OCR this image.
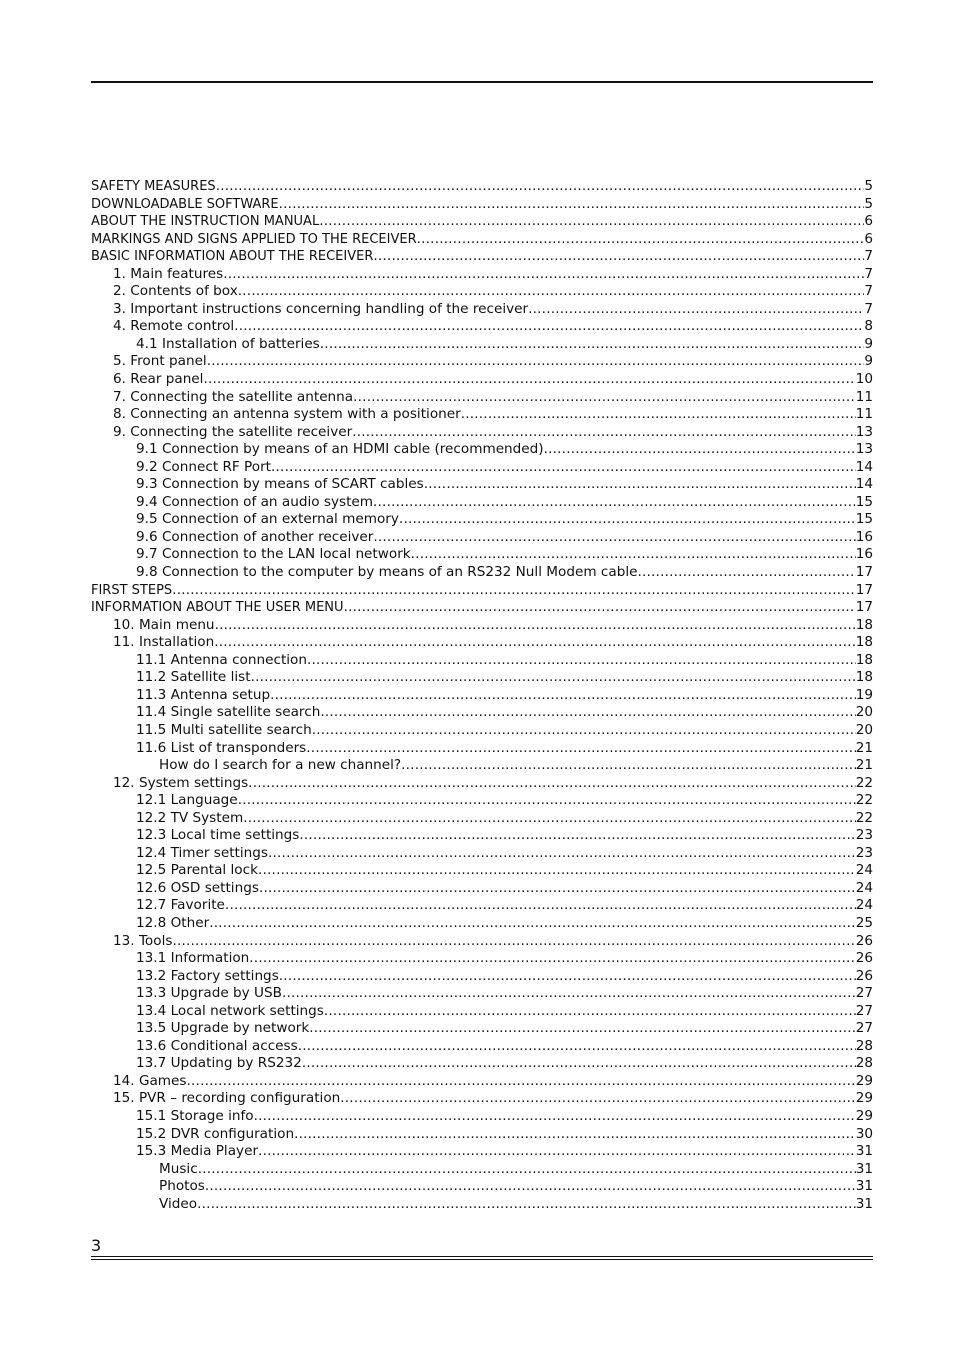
SAFETY MEASURES .....	5
DOWNLOADABLE SOFTWARE .....	5
ABOUT THE INSTRUCTION MANUAL .....	6
MARKINGS AND SIGNS APPLIED TO THE RECEIVER .....	6
BASIC INFORMATION ABOUT THE RECEIVER .....	7
1. Main features .....	7
2. Contents of box .....	7
3. Important instructions concerning handling of the receiver .....	7
4. Remote control .....	8
4.1 Installation of batteries .....	9
5. Front panel .....	9
6. Rear panel .....	10
7. Connecting the satellite antenna .....	11
8. Connecting an antenna system with a positioner .....	11
9. Connecting the satellite receiver .....	13
9.1 Connection by means of an HDMI cable (recommended) .....	13
9.2 Connect RF Port .....	14
9.3 Connection by means of SCART cables .....	14
9.4 Connection of an audio system .....	15
9.5 Connection of an external memory .....	15
9.6 Connection of another receiver .....	16
9.7 Connection to the LAN local network .....	16
9.8 Connection to the computer by means of an RS232 Null Modem cable .....	17
FIRST STEPS .....	17
INFORMATION ABOUT THE USER MENU .....	17
10. Main menu .....	18
11. Installation .....	18
11.1 Antenna connection .....	18
11.2 Satellite list .....	18
11.3 Antenna setup .....	19
11.4 Single satellite search .....	20
11.5 Multi satellite search .....	20
11.6 List of transponders .....	21
How do I search for a new channel? .....	21
12. System settings .....	22
12.1 Language .....	22
12.2 TV System .....	22
12.3 Local time settings .....	23
12.4 Timer settings .....	23
12.5 Parental lock .....	24
12.6 OSD settings .....	24
12.7 Favorite .....	24
12.8 Other .....	25
13. Tools .....	26
13.1 Information .....	26
13.2 Factory settings .....	26
13.3 Upgrade by USB .....	27
13.4 Local network settings .....	27
13.5 Upgrade by network .....	27
13.6 Conditional access .....	28
13.7 Updating by RS232 .....	28
14. Games .....	29
15. PVR – recording configuration .....	29
15.1 Storage info .....	29
15.2 DVR configuration .....	30
15.3 Media Player .....	31
Music .....	31
Photos .....	31
Video .....	31
3
